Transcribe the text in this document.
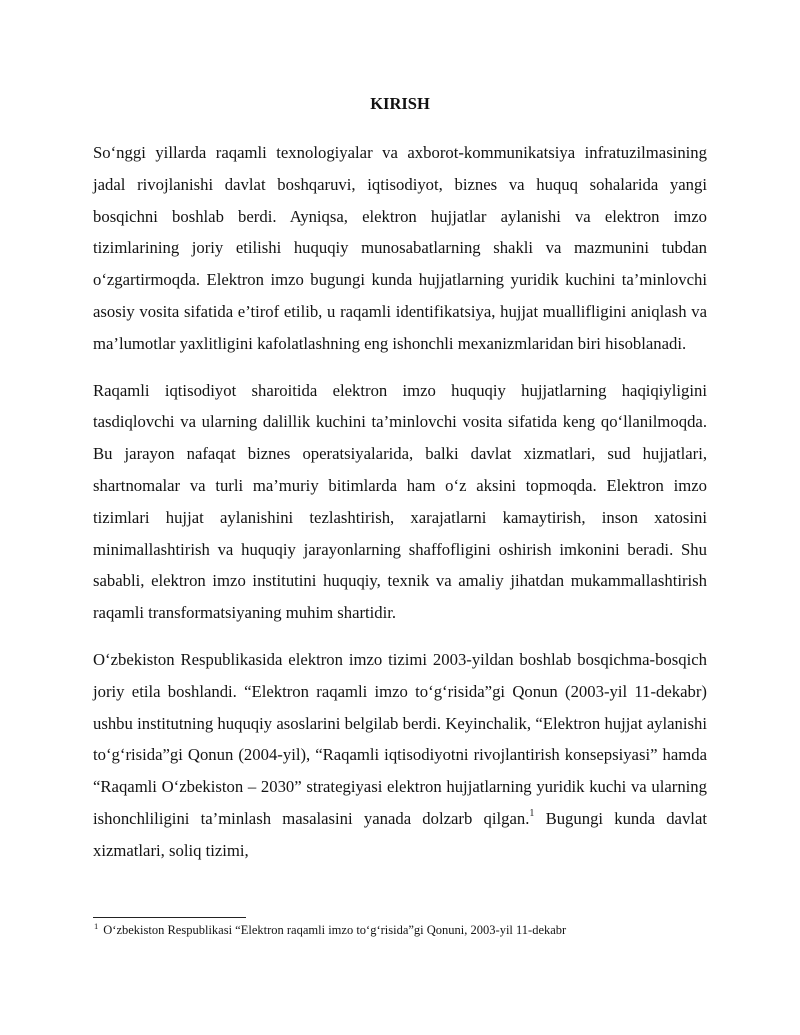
KIRISH

So‘nggi yillarda raqamli texnologiyalar va axborot-kommunikatsiya infratuzilmasining jadal rivojlanishi davlat boshqaruvi, iqtisodiyot, biznes va huquq sohalarida yangi bosqichni boshlab berdi. Ayniqsa, elektron hujjatlar aylanishi va elektron imzo tizimlarining joriy etilishi huquqiy munosabatlarning shakli va mazmunini tubdan o‘zgartirmoqda. Elektron imzo bugungi kunda hujjatlarning yuridik kuchini ta’minlovchi asosiy vosita sifatida e’tirof etilib, u raqamli identifikatsiya, hujjat muallifligini aniqlash va ma’lumotlar yaxlitligini kafolatlashning eng ishonchli mexanizmlaridan biri hisoblanadi.

Raqamli iqtisodiyot sharoitida elektron imzo huquqiy hujjatlarning haqiqiyligini tasdiqlovchi va ularning dalillik kuchini ta’minlovchi vosita sifatida keng qo‘llanilmoqda. Bu jarayon nafaqat biznes operatsiyalarida, balki davlat xizmatlari, sud hujjatlari, shartnomalar va turli ma’muriy bitimlarda ham o‘z aksini topmoqda. Elektron imzo tizimlari hujjat aylanishini tezlashtirish, xarajatlarni kamaytirish, inson xatosini minimallashtirish va huquqiy jarayonlarning shaffofligini oshirish imkonini beradi. Shu sababli, elektron imzo institutini huquqiy, texnik va amaliy jihatdan mukammallashtirish raqamli transformatsiyaning muhim shartidir.

O‘zbekiston Respublikasida elektron imzo tizimi 2003-yildan boshlab bosqichma-bosqich joriy etila boshlandi. “Elektron raqamli imzo to‘g‘risida”gi Qonun (2003-yil 11-dekabr) ushbu institutning huquqiy asoslarini belgilab berdi. Keyinchalik, “Elektron hujjat aylanishi to‘g‘risida”gi Qonun (2004-yil), “Raqamli iqtisodiyotni rivojlantirish konsepsiyasi” hamda “Raqamli O‘zbekiston – 2030” strategiyasi elektron hujjatlarning yuridik kuchi va ularning ishonchliligini ta’minlash masalasini yanada dolzarb qilgan.$^1$ Bugungi kunda davlat xizmatlari, soliq tizimi,

$^1$ O‘zbekiston Respublikasi “Elektron raqamli imzo to‘g‘risida”gi Qonuni, 2003-yil 11-dekabr
